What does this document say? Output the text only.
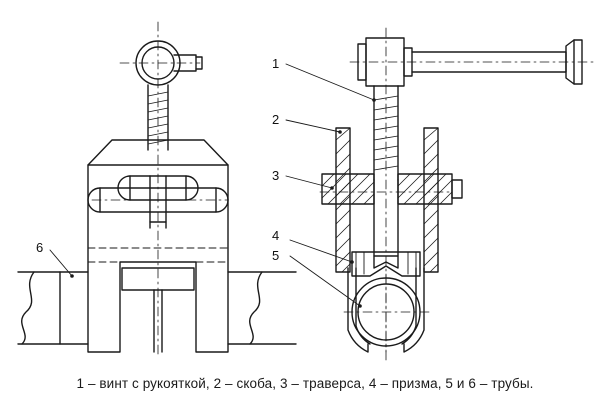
1
2
3
4
5
6
1 – винт с рукояткой, 2 – скоба, 3 – траверса, 4 – призма, 5 и 6 – трубы.
